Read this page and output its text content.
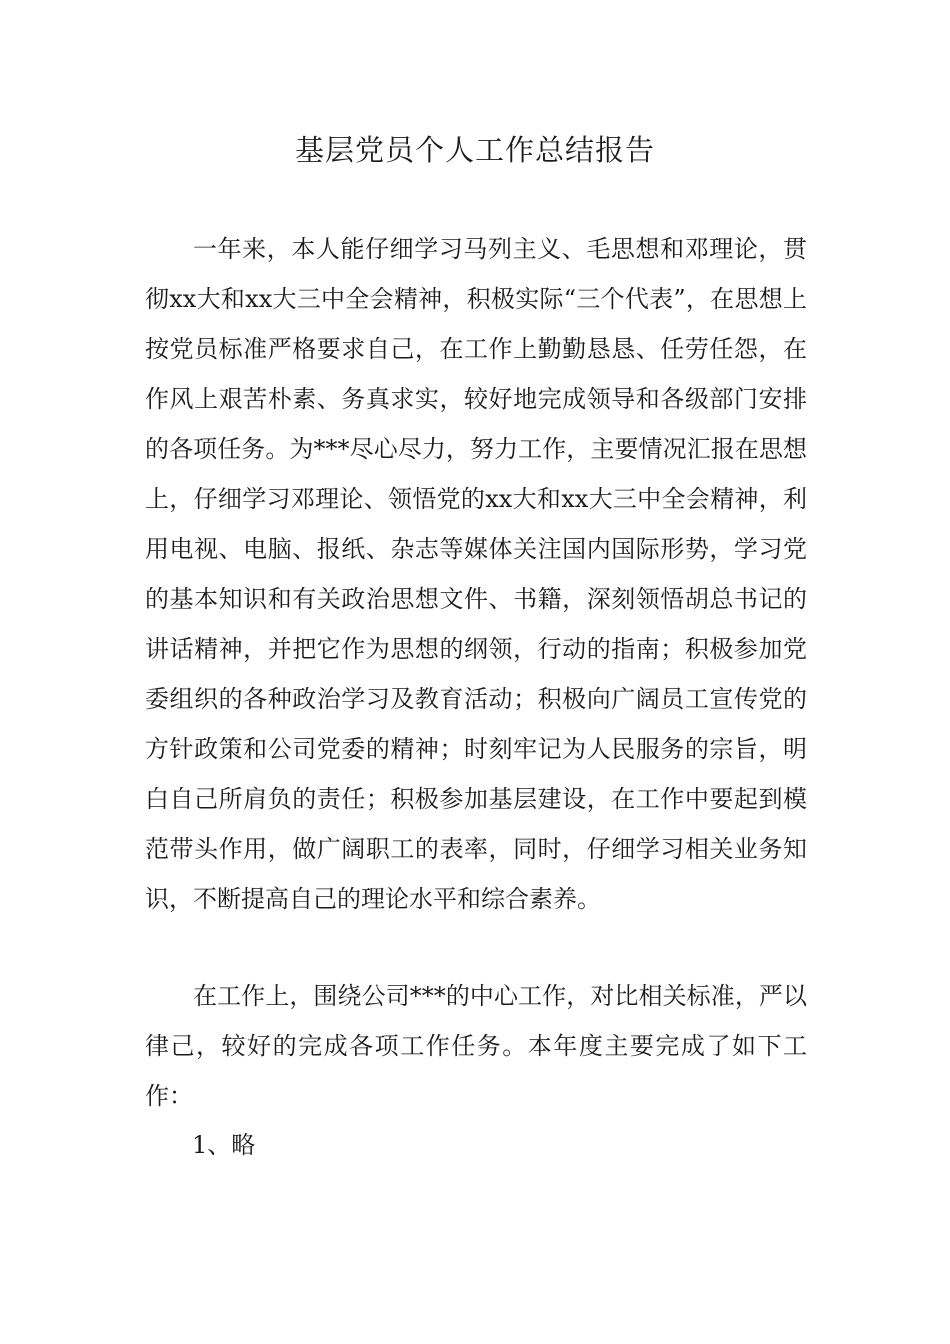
基层党员个人工作总结报告

一年来，本人能仔细学习马列主义、毛思想和邓理论，贯彻xx大和xx大三中全会精神，积极实际“三个代表”，在思想上按党员标准严格要求自己，在工作上勤勤恳恳、任劳任怨，在作风上艰苦朴素、务真求实，较好地完成领导和各级部门安排的各项任务。为***尽心尽力，努力工作，主要情况汇报在思想上，仔细学习邓理论、领悟党的xx大和xx大三中全会精神，利用电视、电脑、报纸、杂志等媒体关注国内国际形势，学习党的基本知识和有关政治思想文件、书籍，深刻领悟胡总书记的讲话精神，并把它作为思想的纲领，行动的指南；积极参加党委组织的各种政治学习及教育活动；积极向广阔员工宣传党的方针政策和公司党委的精神；时刻牢记为人民服务的宗旨，明白自己所肩负的责任；积极参加基层建设，在工作中要起到模范带头作用，做广阔职工的表率，同时，仔细学习相关业务知识，不断提高自己的理论水平和综合素养。

在工作上，围绕公司***的中心工作，对比相关标准，严以律己，较好的完成各项工作任务。本年度主要完成了如下工作：

1、略
